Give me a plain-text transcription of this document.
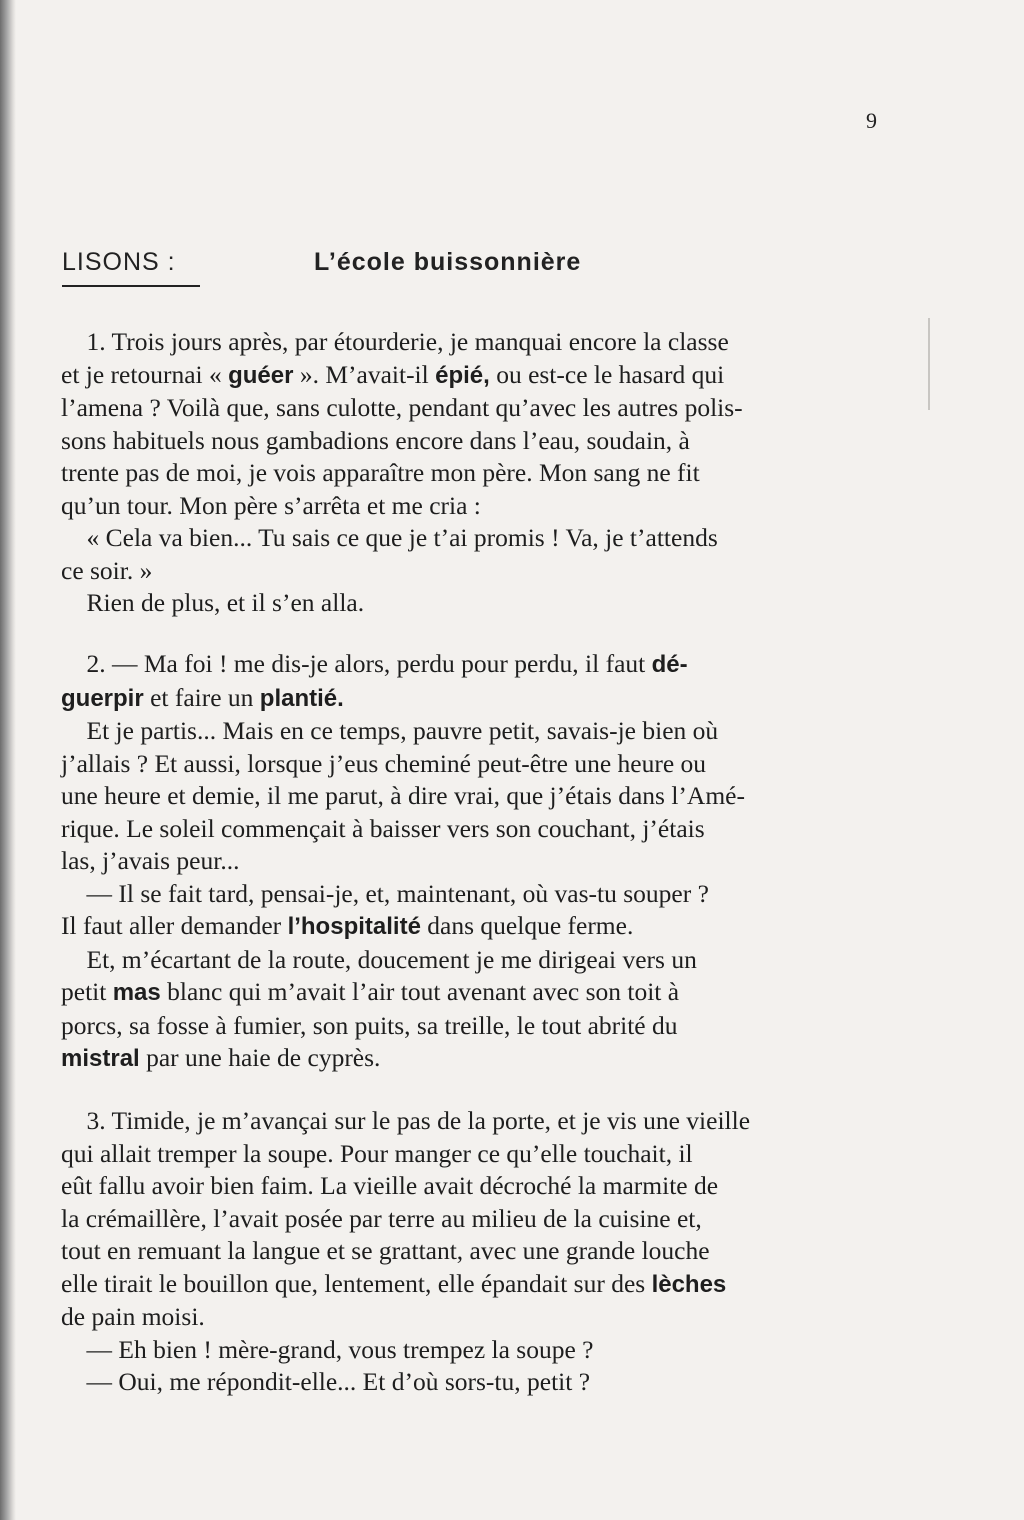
9
LISONS :	L’école buissonnière
1. Trois jours après, par étourderie, je manquai encore la classe
et je retournai « guéer ». M’avait-il épié, ou est-ce le hasard qui
l’amena ? Voilà que, sans culotte, pendant qu’avec les autres polis-
sons habituels nous gambadions encore dans l’eau, soudain, à
trente pas de moi, je vois apparaître mon père. Mon sang ne fit
qu’un tour. Mon père s’arrêta et me cria :
« Cela va bien... Tu sais ce que je t’ai promis ! Va, je t’attends
ce soir. »
Rien de plus, et il s’en alla.
2. — Ma foi ! me dis-je alors, perdu pour perdu, il faut dé-
guerpir et faire un plantié.
Et je partis... Mais en ce temps, pauvre petit, savais-je bien où
j’allais ? Et aussi, lorsque j’eus cheminé peut-être une heure ou
une heure et demie, il me parut, à dire vrai, que j’étais dans l’Amé-
rique. Le soleil commençait à baisser vers son couchant, j’étais
las, j’avais peur...
— Il se fait tard, pensai-je, et, maintenant, où vas-tu souper ?
Il faut aller demander l’hospitalité dans quelque ferme.
Et, m’écartant de la route, doucement je me dirigeai vers un
petit mas blanc qui m’avait l’air tout avenant avec son toit à
porcs, sa fosse à fumier, son puits, sa treille, le tout abrité du
mistral par une haie de cyprès.
3. Timide, je m’avançai sur le pas de la porte, et je vis une vieille
qui allait tremper la soupe. Pour manger ce qu’elle touchait, il
eût fallu avoir bien faim. La vieille avait décroché la marmite de
la crémaillère, l’avait posée par terre au milieu de la cuisine et,
tout en remuant la langue et se grattant, avec une grande louche
elle tirait le bouillon que, lentement, elle épandait sur des lèches
de pain moisi.
— Eh bien ! mère-grand, vous trempez la soupe ?
— Oui, me répondit-elle... Et d’où sors-tu, petit ?
